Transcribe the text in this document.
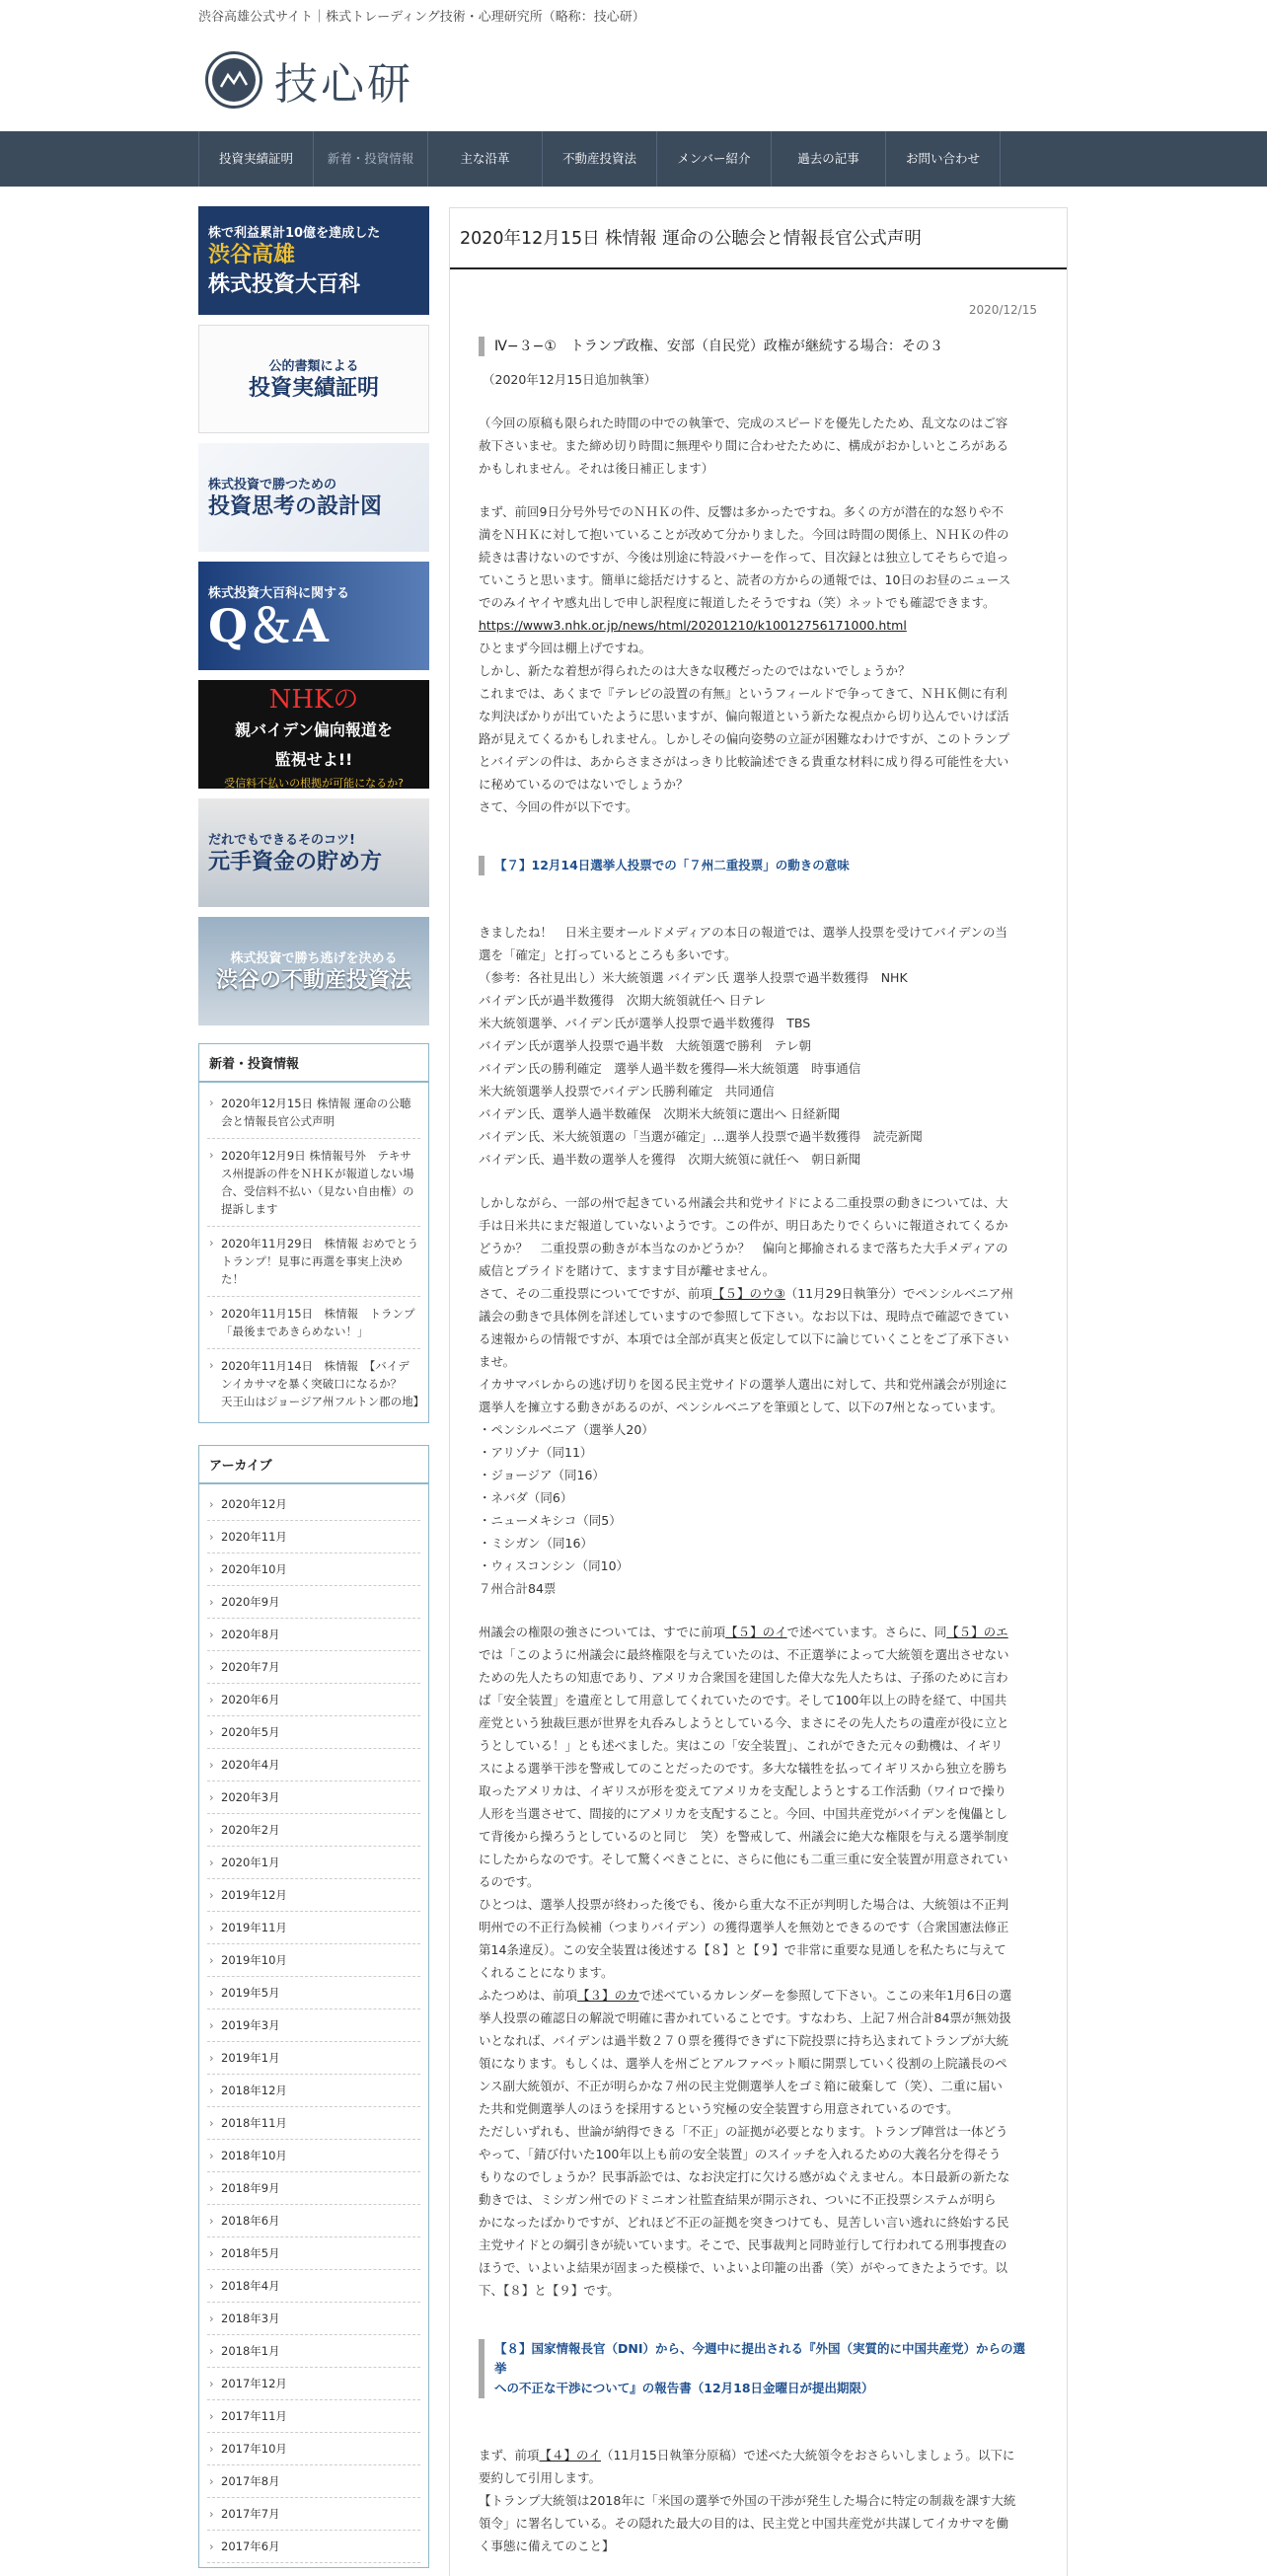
渋谷高雄公式サイト｜株式トレーディング技術・心理研究所（略称：技心研）
技心研
投資実績証明	新着・投資情報	主な沿革	不動産投資法	メンバー紹介	過去の記事	お問い合わせ
株で利益累計10億を達成した
渋谷高雄
株式投資大百科
公的書類による
投資実績証明
株式投資で勝つための
投資思考の設計図
株式投資大百科に関する
Q＆A
NHKの
親バイデン偏向報道を
監視せよ!!
受信料不払いの根拠が可能になるか?
だれでもできるそのコツ!
元手資金の貯め方
株式投資で勝ち逃げを決める
渋谷の不動産投資法
新着・投資情報
› 2020年12月15日 株情報 運命の公聴会と情報長官公式声明
› 2020年12月9日 株情報号外　テキサス州提訴の件をＮＨＫが報道しない場合、受信料不払い（見ない自由権）の提訴します
› 2020年11月29日　株情報 おめでとうトランプ！見事に再選を事実上決めた！
› 2020年11月15日　株情報　トランプ「最後まであきらめない！」
› 2020年11月14日　株情報　【バイデンイカサマを暴く突破口になるか？　天王山はジョージア州フルトン郡の地】
アーカイブ
› 2020年12月
› 2020年11月
› 2020年10月
› 2020年9月
› 2020年8月
› 2020年7月
› 2020年6月
› 2020年5月
› 2020年4月
› 2020年3月
› 2020年2月
› 2020年1月
› 2019年12月
› 2019年11月
› 2019年10月
› 2019年5月
› 2019年3月
› 2019年1月
› 2018年12月
› 2018年11月
› 2018年10月
› 2018年9月
› 2018年6月
› 2018年5月
› 2018年4月
› 2018年3月
› 2018年1月
› 2017年12月
› 2017年11月
› 2017年10月
› 2017年8月
› 2017年7月
› 2017年6月
2020年12月15日 株情報 運命の公聴会と情報長官公式声明
2020/12/15
Ⅳ−３−①　トランプ政権、安部（自民党）政権が継続する場合：その３
（2020年12月15日追加執筆）
（今回の原稿も限られた時間の中での執筆で、完成のスピードを優先したため、乱文なのはご容
赦下さいませ。また締め切り時間に無理やり間に合わせたために、構成がおかしいところがある
かもしれません。それは後日補正します）
まず、前回9日分号外号でのＮＨＫの件、反響は多かったですね。多くの方が潜在的な怒りや不
満をＮＨＫに対して抱いていることが改めて分かりました。今回は時間の関係上、ＮＨＫの件の
続きは書けないのですが、今後は別途に特設バナーを作って、目次録とは独立してそちらで追っ
ていこうと思います。簡単に総括だけすると、読者の方からの通報では、10日のお昼のニュース
でのみイヤイヤ感丸出しで申し訳程度に報道したそうですね（笑）ネットでも確認できます。
https://www3.nhk.or.jp/news/html/20201210/k10012756171000.html
ひとまず今回は棚上げですね。
しかし、新たな着想が得られたのは大きな収穫だったのではないでしょうか？
これまでは、あくまで『テレビの設置の有無』というフィールドで争ってきて、ＮＨＫ側に有利
な判決ばかりが出ていたように思いますが、偏向報道という新たな視点から切り込んでいけば活
路が見えてくるかもしれません。しかしその偏向姿勢の立証が困難なわけですが、このトランプ
とバイデンの件は、あからさまさがはっきり比較論述できる貴重な材料に成り得る可能性を大い
に秘めているのではないでしょうか？
さて、今回の件が以下です。
【７】12月14日選挙人投票での「７州二重投票」の動きの意味
きましたね！　日米主要オールドメディアの本日の報道では、選挙人投票を受けてバイデンの当
選を「確定」と打っているところも多いです。
（参考：各社見出し）米大統領選 バイデン氏 選挙人投票で過半数獲得　NHK
バイデン氏が過半数獲得　次期大統領就任へ 日テレ
米大統領選挙、バイデン氏が選挙人投票で過半数獲得　TBS
バイデン氏が選挙人投票で過半数　大統領選で勝利　テレ朝
バイデン氏の勝利確定　選挙人過半数を獲得―米大統領選　時事通信
米大統領選挙人投票でバイデン氏勝利確定　共同通信
バイデン氏、選挙人過半数確保　次期米大統領に選出へ 日経新聞
バイデン氏、米大統領選の「当選が確定」…選挙人投票で過半数獲得　読売新聞
バイデン氏、過半数の選挙人を獲得　次期大統領に就任へ　朝日新聞
しかしながら、一部の州で起きている州議会共和党サイドによる二重投票の動きについては、大
手は日米共にまだ報道していないようです。この件が、明日あたりでくらいに報道されてくるか
どうか？　二重投票の動きが本当なのかどうか？　偏向と揶揄されるまで落ちた大手メディアの
威信とプライドを賭けて、ますます目が離せません。
さて、その二重投票についてですが、前項【５】のウ③（11月29日執筆分）でペンシルベニア州
議会の動きで具体例を詳述していますので参照して下さい。なお以下は、現時点で確認できてい
る速報からの情報ですが、本項では全部が真実と仮定して以下に論じていくことをご了承下さい
ませ。
イカサマバレからの逃げ切りを図る民主党サイドの選挙人選出に対して、共和党州議会が別途に
選挙人を擁立する動きがあるのが、ペンシルベニアを筆頭として、以下の7州となっています。
・ペンシルベニア（選挙人20）
・アリゾナ（同11）
・ジョージア（同16）
・ネバダ（同6）
・ニューメキシコ（同5）
・ミシガン（同16）
・ウィスコンシン（同10）
７州合計84票
州議会の権限の強さについては、すでに前項【５】のイで述べています。さらに、同【５】のエ
では「このように州議会に最終権限を与えていたのは、不正選挙によって大統領を選出させない
ための先人たちの知恵であり、アメリカ合衆国を建国した偉大な先人たちは、子孫のために言わ
ば「安全装置」を遺産として用意してくれていたのです。そして100年以上の時を経て、中国共
産党という独裁巨悪が世界を丸呑みしようとしている今、まさにその先人たちの遺産が役に立と
うとしている！」とも述べました。実はこの「安全装置」、これができた元々の動機は、イギリ
スによる選挙干渉を警戒してのことだったのです。多大な犠牲を払ってイギリスから独立を勝ち
取ったアメリカは、イギリスが形を変えてアメリカを支配しようとする工作活動（ワイロで操り
人形を当選させて、間接的にアメリカを支配すること。今回、中国共産党がバイデンを傀儡とし
て背後から操ろうとしているのと同じ　笑）を警戒して、州議会に絶大な権限を与える選挙制度
にしたからなのです。そして驚くべきことに、さらに他にも二重三重に安全装置が用意されてい
るのです。
ひとつは、選挙人投票が終わった後でも、後から重大な不正が判明した場合は、大統領は不正判
明州での不正行為候補（つまりバイデン）の獲得選挙人を無効とできるのです（合衆国憲法修正
第14条違反）。この安全装置は後述する【８】と【９】で非常に重要な見通しを私たちに与えて
くれることになります。
ふたつめは、前項【３】のカで述べているカレンダーを参照して下さい。ここの来年1月6日の選
挙人投票の確認日の解説で明確に書かれていることです。すなわち、上記７州合計84票が無効扱
いとなれば、バイデンは過半数２７０票を獲得できずに下院投票に持ち込まれてトランプが大統
領になります。もしくは、選挙人を州ごとアルファベット順に開票していく役割の上院議長のペ
ンス副大統領が、不正が明らかな７州の民主党側選挙人をゴミ箱に破棄して（笑）、二重に届い
た共和党側選挙人のほうを採用するという究極の安全装置すら用意されているのです。
ただしいずれも、世論が納得できる「不正」の証拠が必要となります。トランプ陣営は一体どう
やって、「錆び付いた100年以上も前の安全装置」のスイッチを入れるための大義名分を得そう
もりなのでしょうか？民事訴訟では、なお決定打に欠ける感がぬぐえません。本日最新の新たな
動きでは、ミシガン州でのドミニオン社監査結果が開示され、ついに不正投票システムが明ら
かになったばかりですが、どれほど不正の証拠を突きつけても、見苦しい言い逃れに終始する民
主党サイドとの綱引きが続いています。そこで、民事裁判と同時並行して行われてる刑事捜査の
ほうで、いよいよ結果が固まった模様で、いよいよ印籠の出番（笑）がやってきたようです。以
下、【８】と【９】です。
【８】国家情報長官（DNI）から、今週中に提出される『外国（実質的に中国共産党）からの選挙
への不正な干渉について』の報告書（12月18日金曜日が提出期限）
まず、前項【４】のイ（11月15日執筆分原稿）で述べた大統領令をおさらいしましょう。以下に
要約して引用します。
【トランプ大統領は2018年に「米国の選挙で外国の干渉が発生した場合に特定の制裁を課す大統
領令」に署名している。その隠れた最大の目的は、民主党と中国共産党が共謀してイカサマを働
く事態に備えてのこと】
